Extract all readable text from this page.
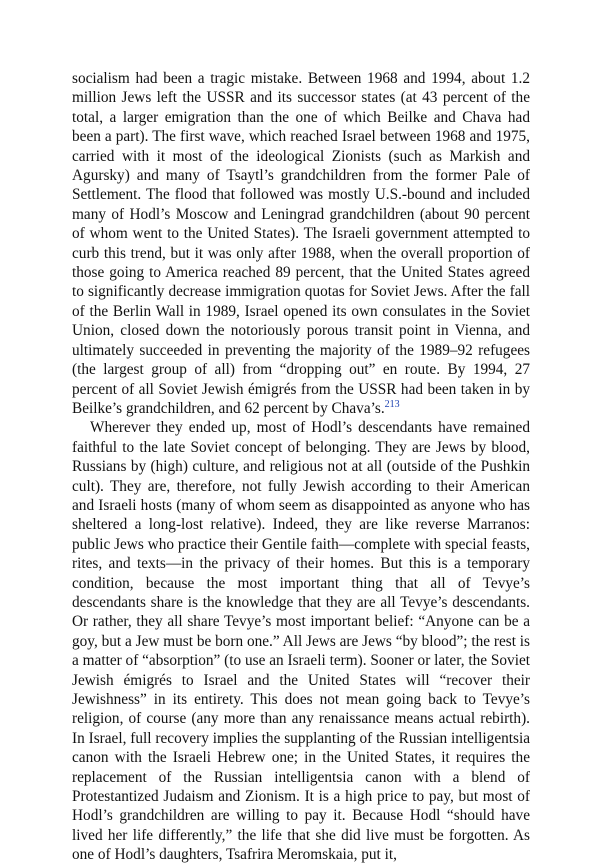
socialism had been a tragic mistake. Between 1968 and 1994, about 1.2 million Jews left the USSR and its successor states (at 43 percent of the total, a larger emigration than the one of which Beilke and Chava had been a part). The first wave, which reached Israel between 1968 and 1975, carried with it most of the ideological Zionists (such as Markish and Agursky) and many of Tsaytl’s grandchildren from the former Pale of Settlement. The flood that followed was mostly U.S.-bound and included many of Hodl’s Moscow and Leningrad grandchildren (about 90 percent of whom went to the United States). The Israeli government attempted to curb this trend, but it was only after 1988, when the overall proportion of those going to America reached 89 percent, that the United States agreed to significantly decrease immigration quotas for Soviet Jews. After the fall of the Berlin Wall in 1989, Israel opened its own consulates in the Soviet Union, closed down the notoriously porous transit point in Vienna, and ultimately succeeded in preventing the majority of the 1989–92 refugees (the largest group of all) from “dropping out” en route. By 1994, 27 percent of all Soviet Jewish émigrés from the USSR had been taken in by Beilke’s grandchildren, and 62 percent by Chava’s.$^{213}$

Wherever they ended up, most of Hodl’s descendants have remained faithful to the late Soviet concept of belonging. They are Jews by blood, Russians by (high) culture, and religious not at all (outside of the Pushkin cult). They are, therefore, not fully Jewish according to their American and Israeli hosts (many of whom seem as disappointed as anyone who has sheltered a long-lost relative). Indeed, they are like reverse Marranos: public Jews who practice their Gentile faith—complete with special feasts, rites, and texts—in the privacy of their homes. But this is a temporary condition, because the most important thing that all of Tevye’s descendants share is the knowledge that they are all Tevye’s descendants. Or rather, they all share Tevye’s most important belief: “Anyone can be a goy, but a Jew must be born one.” All Jews are Jews “by blood”; the rest is a matter of “absorption” (to use an Israeli term). Sooner or later, the Soviet Jewish émigrés to Israel and the United States will “recover their Jewishness” in its entirety. This does not mean going back to Tevye’s religion, of course (any more than any renaissance means actual rebirth). In Israel, full recovery implies the supplanting of the Russian intelligentsia canon with the Israeli Hebrew one; in the United States, it requires the replacement of the Russian intelligentsia canon with a blend of Protestantized Judaism and Zionism. It is a high price to pay, but most of Hodl’s grandchildren are willing to pay it. Because Hodl “should have lived her life differently,” the life that she did live must be forgotten. As one of Hodl’s daughters, Tsafrira Meromskaia, put it,
